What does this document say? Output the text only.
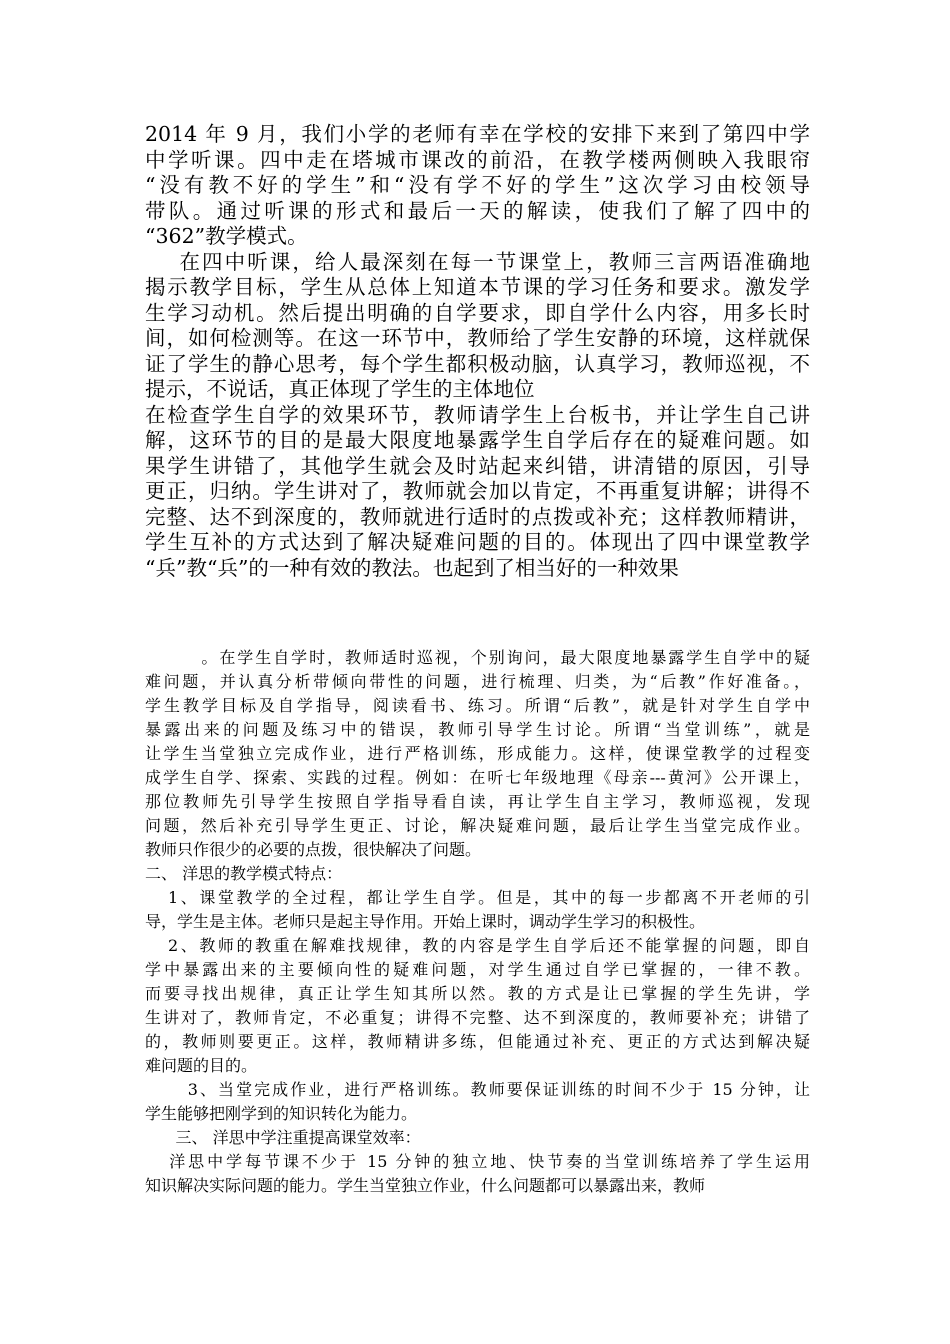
2014 年 9 月，我们小学的老师有幸在学校的安排下来到了第四中学
中学听课。四中走在塔城市课改的前沿，在教学楼两侧映入我眼帘
“没有教不好的学生”和“没有学不好的学生”这次学习由校领导
带队。通过听课的形式和最后一天的解读，使我们了解了四中的
“362”教学模式。
在四中听课，给人最深刻在每一节课堂上，教师三言两语准确地
揭示教学目标，学生从总体上知道本节课的学习任务和要求。激发学
生学习动机。然后提出明确的自学要求，即自学什么内容，用多长时
间，如何检测等。在这一环节中，教师给了学生安静的环境，这样就保
证了学生的静心思考，每个学生都积极动脑，认真学习，教师巡视，不
提示，不说话，真正体现了学生的主体地位
在检查学生自学的效果环节，教师请学生上台板书，并让学生自己讲
解，这环节的目的是最大限度地暴露学生自学后存在的疑难问题。如
果学生讲错了，其他学生就会及时站起来纠错，讲清错的原因，引导
更正，归纳。学生讲对了，教师就会加以肯定，不再重复讲解；讲得不
完整、达不到深度的，教师就进行适时的点拨或补充；这样教师精讲，
学生互补的方式达到了解决疑难问题的目的。体现出了四中课堂教学
“兵”教“兵”的一种有效的教法。也起到了相当好的一种效果
。在学生自学时，教师适时巡视，个别询问，最大限度地暴露学生自学中的疑
难问题，并认真分析带倾向带性的问题，进行梳理、归类，为“后教”作好准备。，
学生教学目标及自学指导，阅读看书、练习。所谓“后教”，就是针对学生自学中
暴露出来的问题及练习中的错误，教师引导学生讨论。所谓“当堂训练”，就是
让学生当堂独立完成作业，进行严格训练，形成能力。这样，使课堂教学的过程变
成学生自学、探索、实践的过程。例如：在听七年级地理《母亲---黄河》公开课上，
那位教师先引导学生按照自学指导看自读，再让学生自主学习，教师巡视，发现
问题，然后补充引导学生更正、讨论，解决疑难问题，最后让学生当堂完成作业。
教师只作很少的必要的点拨，很快解决了问题。
二、 洋思的教学模式特点：
1、课堂教学的全过程，都让学生自学。但是，其中的每一步都离不开老师的引
导，学生是主体。老师只是起主导作用。开始上课时，调动学生学习的积极性。
2、教师的教重在解难找规律，教的内容是学生自学后还不能掌握的问题，即自
学中暴露出来的主要倾向性的疑难问题，对学生通过自学已掌握的，一律不教。
而要寻找出规律，真正让学生知其所以然。教的方式是让已掌握的学生先讲，学
生讲对了，教师肯定，不必重复；讲得不完整、达不到深度的，教师要补充；讲错了
的，教师则要更正。这样，教师精讲多练，但能通过补充、更正的方式达到解决疑
难问题的目的。
3、当堂完成作业，进行严格训练。教师要保证训练的时间不少于 15 分钟，让
学生能够把刚学到的知识转化为能力。
三、 洋思中学注重提高课堂效率：
洋思中学每节课不少于 15 分钟的独立地、快节奏的当堂训练培养了学生运用
知识解决实际问题的能力。学生当堂独立作业，什么问题都可以暴露出来，教师
